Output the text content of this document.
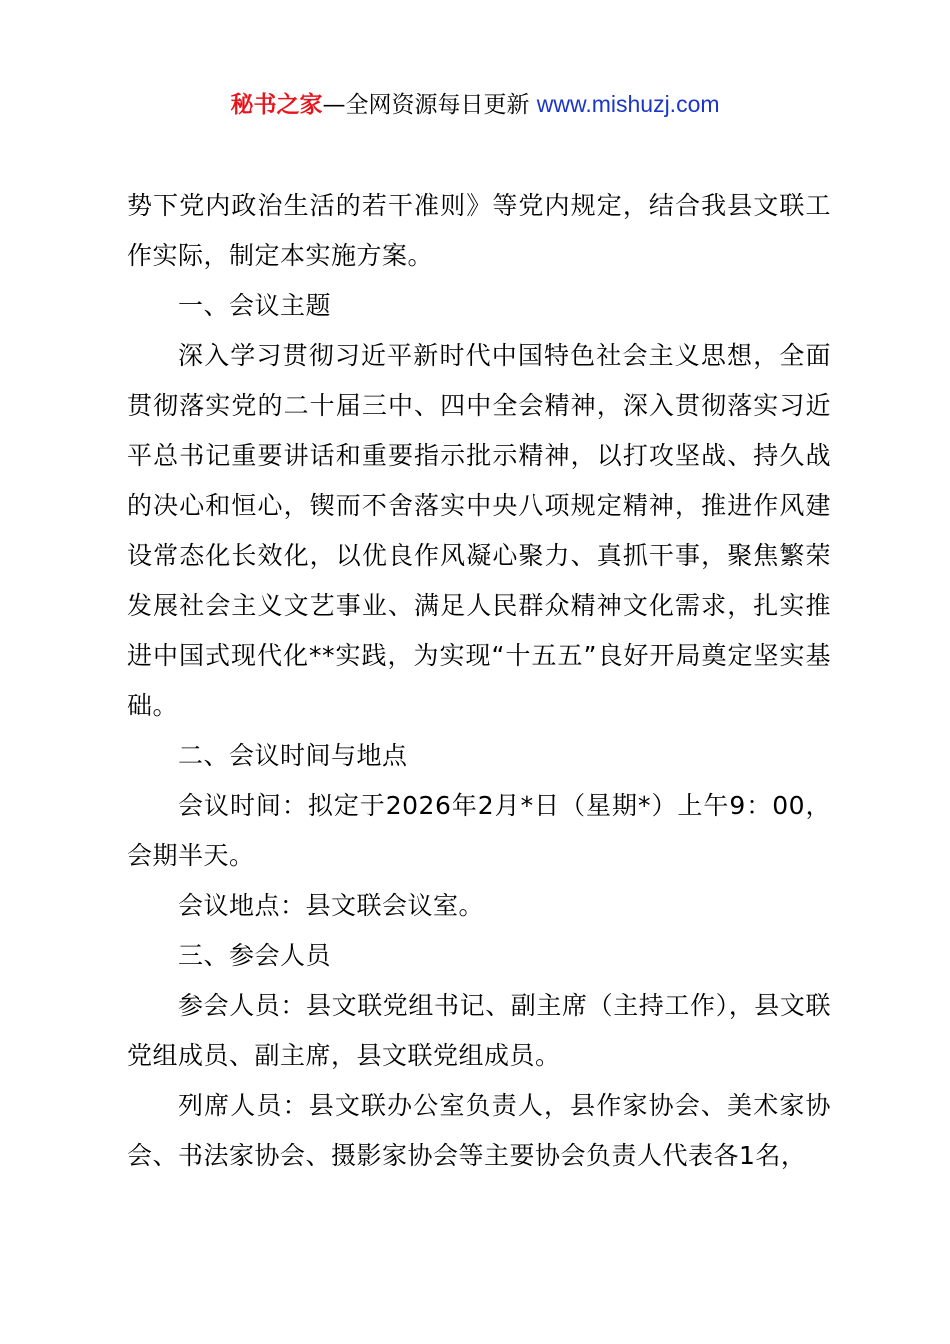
秘书之家—全网资源每日更新 www.mishuzj.com

势下党内政治生活的若干准则》等党内规定，结合我县文联工作实际，制定本实施方案。

一、会议主题

深入学习贯彻习近平新时代中国特色社会主义思想，全面贯彻落实党的二十届三中、四中全会精神，深入贯彻落实习近平总书记重要讲话和重要指示批示精神，以打攻坚战、持久战的决心和恒心，锲而不舍落实中央八项规定精神，推进作风建设常态化长效化，以优良作风凝心聚力、真抓干事，聚焦繁荣发展社会主义文艺事业、满足人民群众精神文化需求，扎实推进中国式现代化**实践，为实现“十五五”良好开局奠定坚实基础。

二、会议时间与地点

会议时间：拟定于2026年2月*日（星期*）上午9：00，会期半天。

会议地点：县文联会议室。

三、参会人员

参会人员：县文联党组书记、副主席（主持工作），县文联党组成员、副主席，县文联党组成员。

列席人员：县文联办公室负责人，县作家协会、美术家协会、书法家协会、摄影家协会等主要协会负责人代表各1名，
